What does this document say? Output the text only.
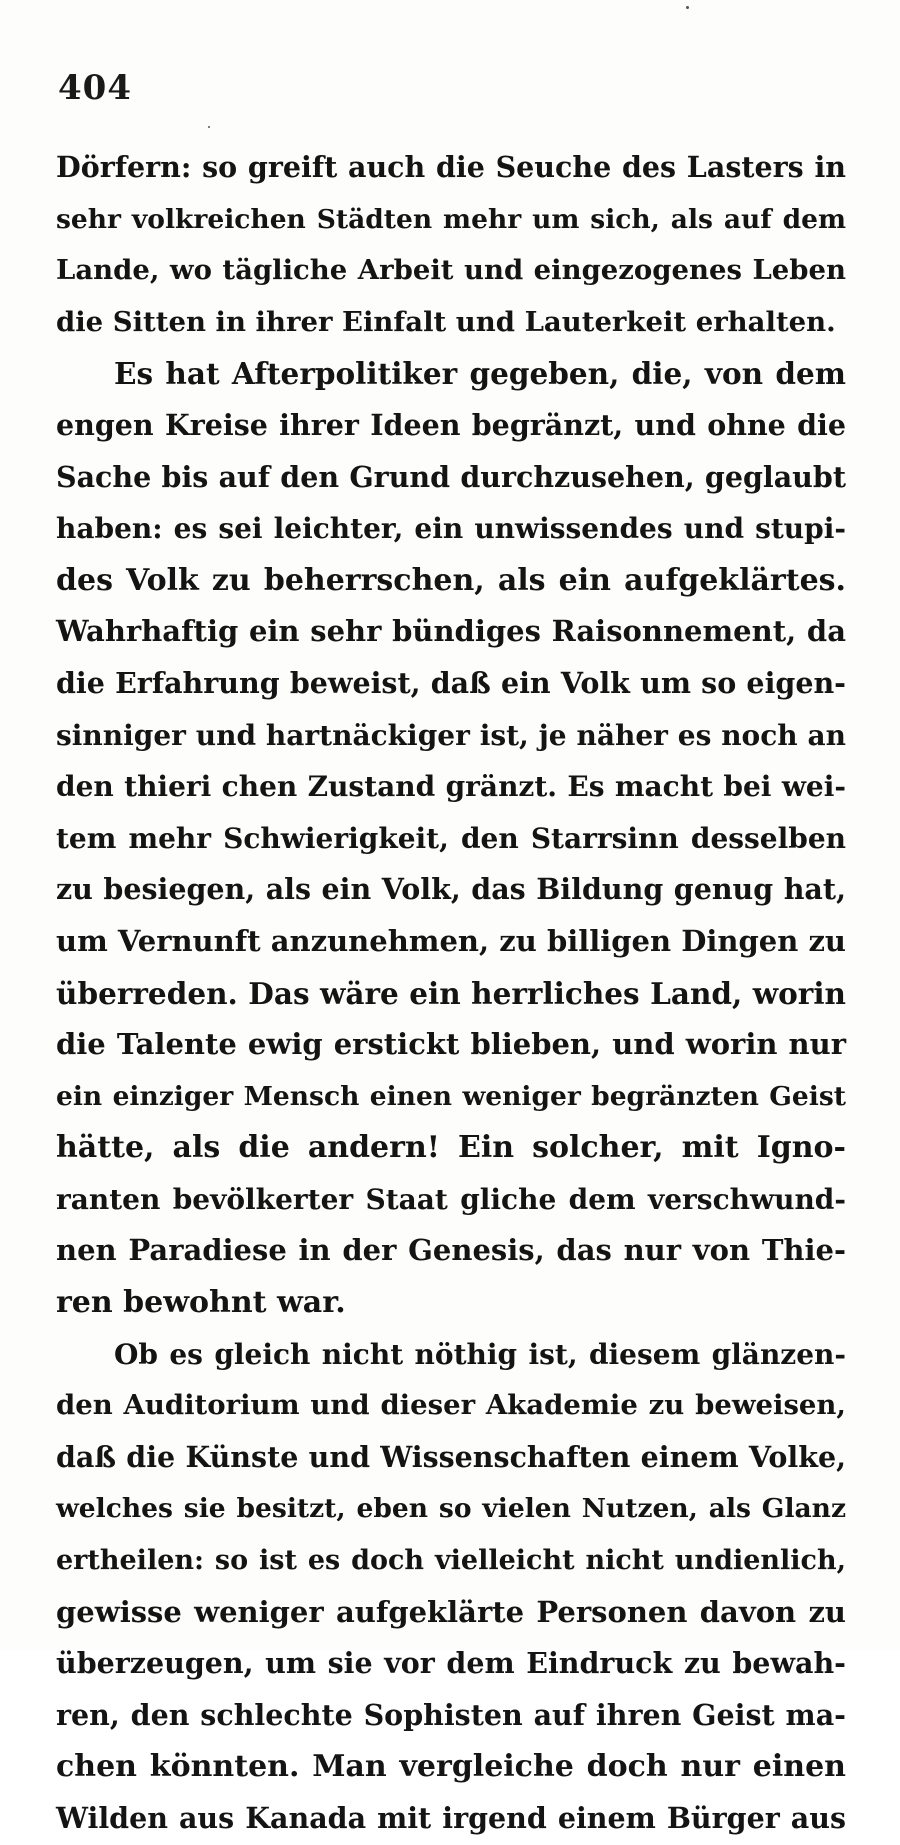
404
Dörfern: so greift auch die Seuche des Lasters in
sehr volkreichen Städten mehr um sich, als auf dem
Lande, wo tägliche Arbeit und eingezogenes Leben
die Sitten in ihrer Einfalt und Lauterkeit erhalten.
Es hat Afterpolitiker gegeben, die, von dem
engen Kreise ihrer Ideen begränzt, und ohne die
Sache bis auf den Grund durchzusehen, geglaubt
haben: es sei leichter, ein unwissendes und stupi-
des Volk zu beherrschen, als ein aufgeklärtes.
Wahrhaftig ein sehr bündiges Raisonnement, da
die Erfahrung beweist, daß ein Volk um so eigen-
sinniger und hartnäckiger ist, je näher es noch an
den thieri chen Zustand gränzt. Es macht bei wei-
tem mehr Schwierigkeit, den Starrsinn desselben
zu besiegen, als ein Volk, das Bildung genug hat,
um Vernunft anzunehmen, zu billigen Dingen zu
überreden. Das wäre ein herrliches Land, worin
die Talente ewig erstickt blieben, und worin nur
ein einziger Mensch einen weniger begränzten Geist
hätte, als die andern! Ein solcher, mit Igno-
ranten bevölkerter Staat gliche dem verschwund-
nen Paradiese in der Genesis, das nur von Thie-
ren bewohnt war.
Ob es gleich nicht nöthig ist, diesem glänzen-
den Auditorium und dieser Akademie zu beweisen,
daß die Künste und Wissenschaften einem Volke,
welches sie besitzt, eben so vielen Nutzen, als Glanz
ertheilen: so ist es doch vielleicht nicht undienlich,
gewisse weniger aufgeklärte Personen davon zu
überzeugen, um sie vor dem Eindruck zu bewah-
ren, den schlechte Sophisten auf ihren Geist ma-
chen könnten. Man vergleiche doch nur einen
Wilden aus Kanada mit irgend einem Bürger aus
